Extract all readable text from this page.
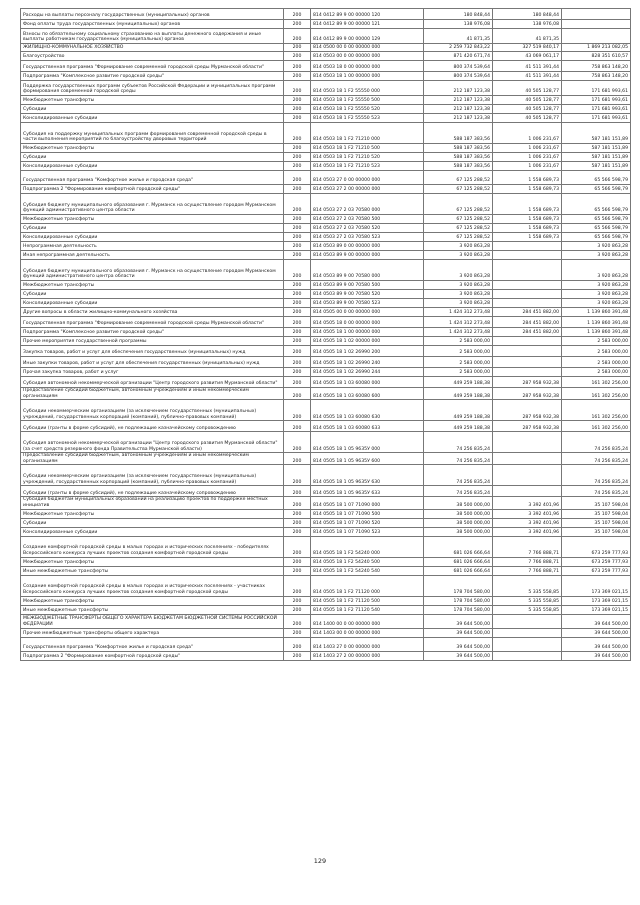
Расходы на выплаты персоналу государственных (муниципальных) органов	200	814 0412 89 9 00 00000 120	180 848,44	180 848,44	
Фонд оплаты труда государственных (муниципальных) органов	200	814 0412 89 9 00 00000 121	138 976,08	138 976,08	
Взносы по обязательному социальному страхованию на выплаты денежного содержания и иные выплаты работникам государственных (муниципальных) органов	200	814 0412 89 9 00 00000 129	41 871,35	41 871,35	
ЖИЛИЩНО-КОММУНАЛЬНОЕ ХОЗЯЙСТВО	200	814 0500 00 0 00 00000 000	2 259 732 843,22	327 519 840,17	1 869 213 082,05
Благоустройство	200	814 0503 00 0 00 00000 000	871 420 671,74	43 069 061,17	828 351 610,57
Государственная программа "Формирование современной городской среды Мурманской области"	200	814 0503 18 0 00 00000 000	800 374 539,64	41 511 391,44	758 863 148,20
Подпрограмма "Комплексное развитие городской среды"	200	814 0503 18 1 00 00000 000	800 374 539,64	41 511 391,44	758 863 148,20
Поддержка государственных программ субъектов Российской Федерации и муниципальных программ формирования современной городской среды	200	814 0503 18 1 F2 55550 000	212 187 123,38	40 505 128,77	171 681 993,61
Межбюджетные трансферты	200	814 0503 18 1 F2 55550 500	212 187 123,38	40 505 128,77	171 681 993,61
Субсидии	200	814 0503 18 1 F2 55550 520	212 187 123,38	40 505 128,77	171 681 993,61
Консолидированные субсидии	200	814 0503 18 1 F2 55550 523	212 187 123,38	40 505 128,77	171 681 993,61
Субсидия на поддержку муниципальных программ формирования современной городской среды в части выполнения мероприятий по благоустройству дворовых территорий	200	814 0503 18 1 F2 71210 000	588 187 383,56	1 006 231,67	587 181 151,89
Межбюджетные трансферты	200	814 0503 18 1 F2 71210 500	588 187 383,56	1 006 231,67	587 181 151,89
Субсидии	200	814 0503 18 1 F2 71210 520	588 187 383,56	1 006 231,67	587 181 151,89
Консолидированные субсидии	200	814 0503 18 1 F2 71210 523	588 187 383,56	1 006 231,67	587 181 151,89
Государственная программа "Комфортное жилье и городская среда"	200	814 0503 27 0 00 00000 000	67 125 288,52	1 558 689,73	65 566 598,79
Подпрограмма 2 "Формирование комфортной городской среды"	200	814 0503 27 2 00 00000 000	67 125 288,52	1 558 689,73	65 566 598,79
Субсидия бюджету муниципального образования г. Мурманск на осуществление городом Мурманском функций административного центра области	200	814 0503 27 2 03 70580 000	67 125 288,52	1 558 689,73	65 566 598,79
Межбюджетные трансферты	200	814 0503 27 2 03 70580 500	67 125 288,52	1 558 689,73	65 566 598,79
Субсидии	200	814 0503 27 2 03 70580 520	67 125 288,52	1 558 689,73	65 566 598,79
Консолидированные субсидии	200	814 0503 27 2 03 70580 523	67 125 288,52	1 558 689,73	65 566 598,79
Непрограммная деятельность	200	814 0503 89 0 00 00000 000	3 920 863,28		3 920 863,28
Иная непрограммная деятельность	200	814 0503 89 9 00 00000 000	3 920 863,28		3 920 863,28
Субсидия бюджету муниципального образования г. Мурманск на осуществление городом Мурманском функций административного центра области	200	814 0503 89 9 00 70580 000	3 920 863,28		3 920 863,28
Межбюджетные трансферты	200	814 0503 89 9 00 70580 500	3 920 863,28		3 920 863,28
Субсидии	200	814 0503 89 9 00 70580 520	3 920 863,28		3 920 863,28
Консолидированные субсидии	200	814 0503 89 9 00 70580 523	3 920 863,28		3 920 863,28
Другие вопросы в области жилищно-коммунального хозяйства	200	814 0505 00 0 00 00000 000	1 424 312 273,48	284 451 882,00	1 139 860 391,48
Государственная программа "Формирование современной городской среды Мурманской области"	200	814 0505 18 0 00 00000 000	1 424 312 273,48	284 451 882,00	1 139 860 391,48
Подпрограмма "Комплексное развитие городской среды"	200	814 0505 18 1 00 00000 000	1 424 312 273,48	284 451 882,00	1 139 860 391,48
Прочие мероприятия государственной программы	200	814 0505 18 1 02 00000 000	2 583 000,00		2 583 000,00
Закупка товаров, работ и услуг для обеспечения государственных (муниципальных) нужд	200	814 0505 18 1 02 26990 200	2 583 000,00		2 583 000,00
Иные закупки товаров, работ и услуг для обеспечения государственных (муниципальных) нужд	200	814 0505 18 1 02 26990 240	2 583 000,00		2 583 000,00
Прочая закупка товаров, работ и услуг	200	814 0505 18 1 02 26990 244	2 583 000,00		2 583 000,00
Субсидия автономной некоммерческой организации "Центр городского развития Мурманской области"	200	814 0505 18 1 03 60080 000	449 259 188,38	287 958 932,38	161 302 256,00
Предоставление субсидий бюджетным, автономным учреждениям и иным некоммерческим организациям	200	814 0505 18 1 03 60080 600	449 259 188,38	287 958 932,38	161 302 256,00
Субсидии некоммерческим организациям (за исключением государственных (муниципальных) учреждений, государственных корпораций (компаний), публично-правовых компаний)	200	814 0505 18 1 03 60080 630	449 259 188,38	287 958 932,38	161 302 256,00
Субсидии (гранты в форме субсидий), не подлежащие казначейскому сопровождению	200	814 0505 18 1 03 60080 633	449 259 188,38	287 958 932,38	161 302 256,00
Субсидия автономной некоммерческой организации "Центр городского развития Мурманской области" (за счет средств резервного фонда Правительства Мурманской области)	200	814 0505 18 1 05 9635У 000	74 256 835,24		74 256 835,24
Предоставление субсидий бюджетным, автономным учреждениям и иным некоммерческим организациям	200	814 0505 18 1 05 9635У 600	74 256 835,24		74 256 835,24
Субсидии некоммерческим организациям (за исключением государственных (муниципальных) учреждений, государственных корпораций (компаний), публично-правовых компаний)	200	814 0505 18 1 05 9635У 630	74 256 835,24		74 256 835,24
Субсидии (гранты в форме субсидий), не подлежащие казначейскому сопровождению	200	814 0505 18 1 05 9635У 633	74 256 835,24		74 256 835,24
Субсидия бюджетам муниципальных образований на реализацию проектов по поддержке местных инициатив	200	814 0505 18 1 07 71090 000	38 500 000,00	3 392 401,96	35 107 598,04
Межбюджетные трансферты	200	814 0505 18 1 07 71090 500	38 500 000,00	3 392 401,96	35 107 598,04
Субсидии	200	814 0505 18 1 07 71090 520	38 500 000,00	3 392 401,96	35 107 598,04
Консолидированные субсидии	200	814 0505 18 1 07 71090 523	38 500 000,00	3 392 401,96	35 107 598,04
Создание комфортной городской среды в малых городах и исторических поселениях - победителях Всероссийского конкурса лучших проектов создания комфортной городской среды	200	814 0505 18 1 F2 54240 000	681 026 666,64	7 766 888,71	673 259 777,93
Межбюджетные трансферты	200	814 0505 18 1 F2 54240 500	681 026 666,64	7 766 888,71	673 259 777,93
Иные межбюджетные трансферты	200	814 0505 18 1 F2 54240 540	681 026 666,64	7 766 888,71	673 259 777,93
Создание комфортной городской среды в малых городах и исторических поселениях - участниках Всероссийского конкурса лучших проектов создания комфортной городской среды	200	814 0505 18 1 F2 71120 000	178 704 580,00	5 335 558,85	173 369 021,15
Межбюджетные трансферты	200	814 0505 18 1 F2 71120 500	178 704 580,00	5 335 558,85	173 369 021,15
Иные межбюджетные трансферты	200	814 0505 18 1 F2 71120 540	178 704 580,00	5 335 558,85	173 369 021,15
МЕЖБЮДЖЕТНЫЕ ТРАНСФЕРТЫ ОБЩЕГО ХАРАКТЕРА БЮДЖЕТАМ БЮДЖЕТНОЙ СИСТЕМЫ РОССИЙСКОЙ ФЕДЕРАЦИИ	200	814 1400 00 0 00 00000 000	39 644 500,00		39 644 500,00
Прочие межбюджетные трансферты общего характера	200	814 1403 00 0 00 00000 000	39 644 500,00		39 644 500,00
Государственная программа "Комфортное жилье и городская среда"	200	814 1403 27 0 00 00000 000	39 644 500,00		39 644 500,00
Подпрограмма 2 "Формирование комфортной городской среды"	200	814 1403 27 2 00 00000 000	39 644 500,00		39 644 500,00
129
